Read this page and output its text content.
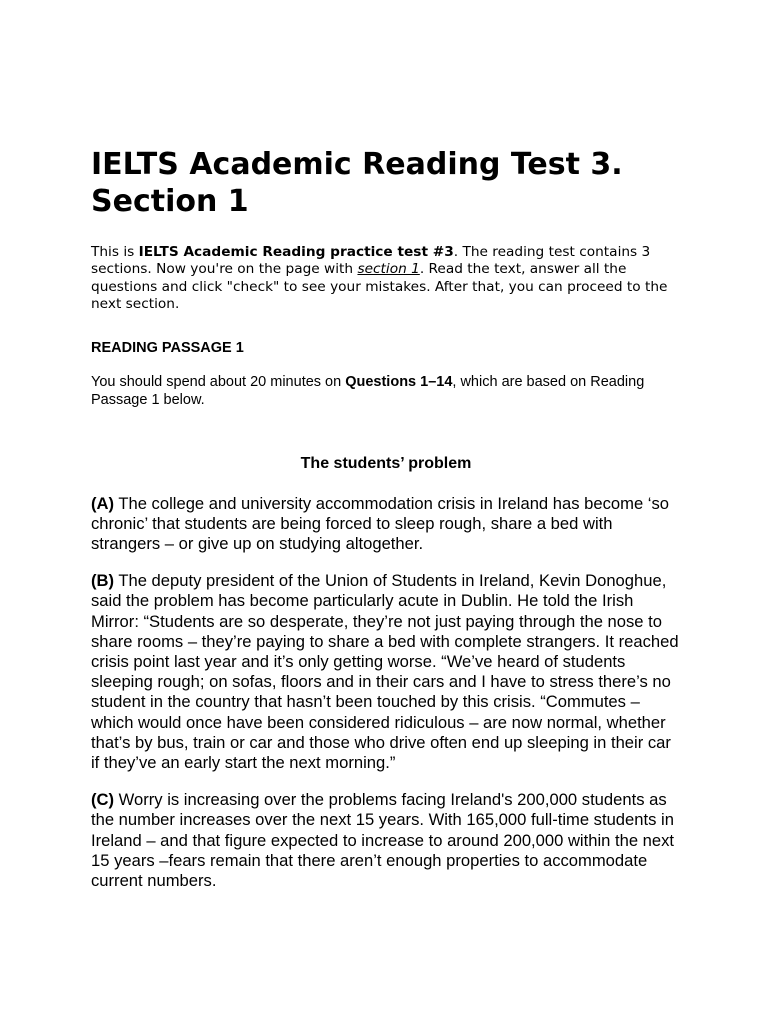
IELTS Academic Reading Test 3.
Section 1

This is IELTS Academic Reading practice test #3. The reading test contains 3 sections. Now you're on the page with section 1. Read the text, answer all the questions and click "check" to see your mistakes. After that, you can proceed to the next section.

READING PASSAGE 1

You should spend about 20 minutes on Questions 1–14, which are based on Reading Passage 1 below.

The students’ problem

(A) The college and university accommodation crisis in Ireland has become ‘so chronic’ that students are being forced to sleep rough, share a bed with strangers – or give up on studying altogether.

(B) The deputy president of the Union of Students in Ireland, Kevin Donoghue, said the problem has become particularly acute in Dublin. He told the Irish Mirror: “Students are so desperate, they’re not just paying through the nose to share rooms – they’re paying to share a bed with complete strangers. It reached crisis point last year and it’s only getting worse. “We’ve heard of students sleeping rough; on sofas, floors and in their cars and I have to stress there’s no student in the country that hasn’t been touched by this crisis. “Commutes – which would once have been considered ridiculous – are now normal, whether that’s by bus, train or car and those who drive often end up sleeping in their car if they’ve an early start the next morning.”

(C) Worry is increasing over the problems facing Ireland's 200,000 students as the number increases over the next 15 years. With 165,000 full-time students in Ireland – and that figure expected to increase to around 200,000 within the next 15 years –fears remain that there aren’t enough properties to accommodate current numbers.
